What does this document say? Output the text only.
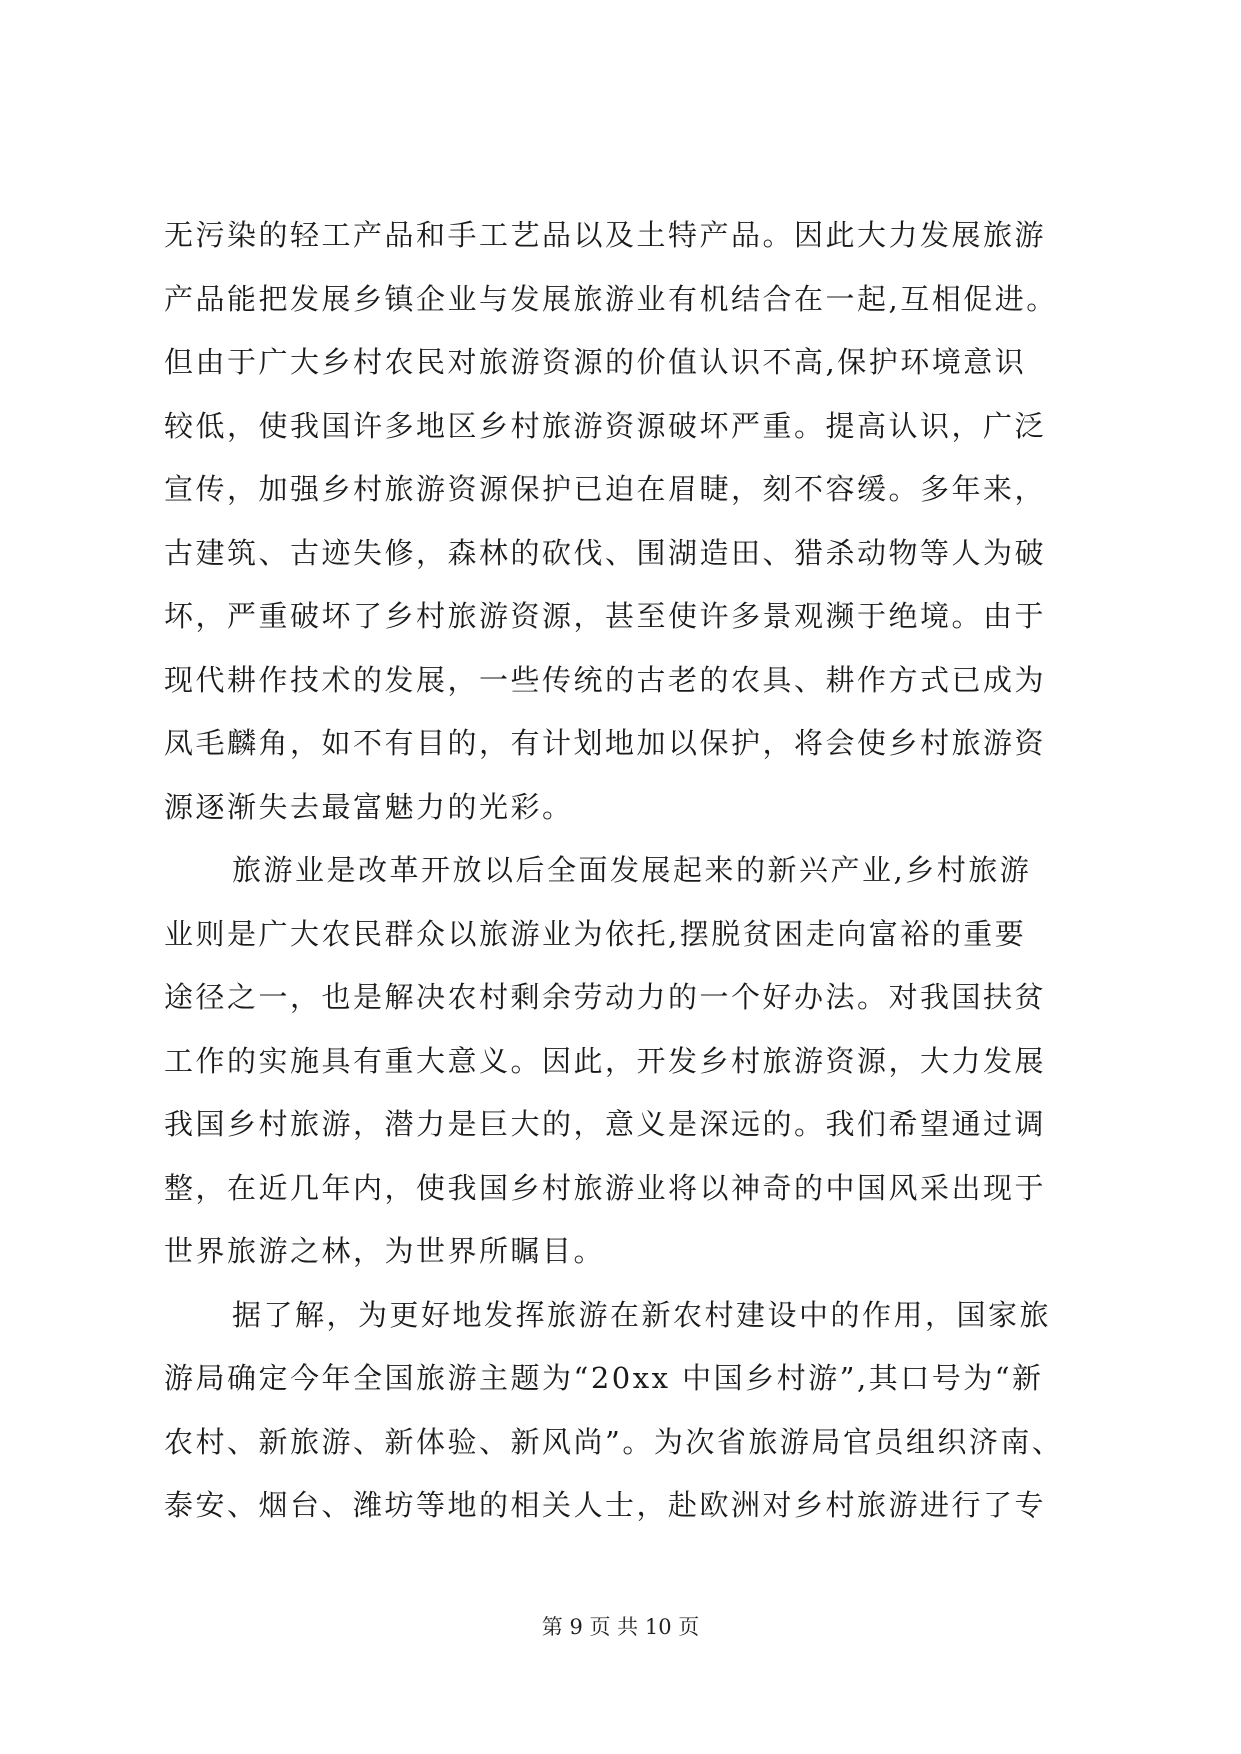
无污染的轻工产品和手工艺品以及土特产品。因此大力发展旅游
产品能把发展乡镇企业与发展旅游业有机结合在一起,互相促进。
但由于广大乡村农民对旅游资源的价值认识不高,保护环境意识
较低，使我国许多地区乡村旅游资源破坏严重。提高认识，广泛
宣传，加强乡村旅游资源保护已迫在眉睫，刻不容缓。多年来，
古建筑、古迹失修，森林的砍伐、围湖造田、猎杀动物等人为破
坏，严重破坏了乡村旅游资源，甚至使许多景观濒于绝境。由于
现代耕作技术的发展，一些传统的古老的农具、耕作方式已成为
凤毛麟角，如不有目的，有计划地加以保护，将会使乡村旅游资
源逐渐失去最富魅力的光彩。
旅游业是改革开放以后全面发展起来的新兴产业,乡村旅游
业则是广大农民群众以旅游业为依托,摆脱贫困走向富裕的重要
途径之一，也是解决农村剩余劳动力的一个好办法。对我国扶贫
工作的实施具有重大意义。因此，开发乡村旅游资源，大力发展
我国乡村旅游，潜力是巨大的，意义是深远的。我们希望通过调
整，在近几年内，使我国乡村旅游业将以神奇的中国风采出现于
世界旅游之林，为世界所瞩目。
据了解，为更好地发挥旅游在新农村建设中的作用，国家旅
游局确定今年全国旅游主题为“20xx 中国乡村游”,其口号为“新
农村、新旅游、新体验、新风尚”。为次省旅游局官员组织济南、
泰安、烟台、潍坊等地的相关人士，赴欧洲对乡村旅游进行了专
第 9 页 共 10 页
